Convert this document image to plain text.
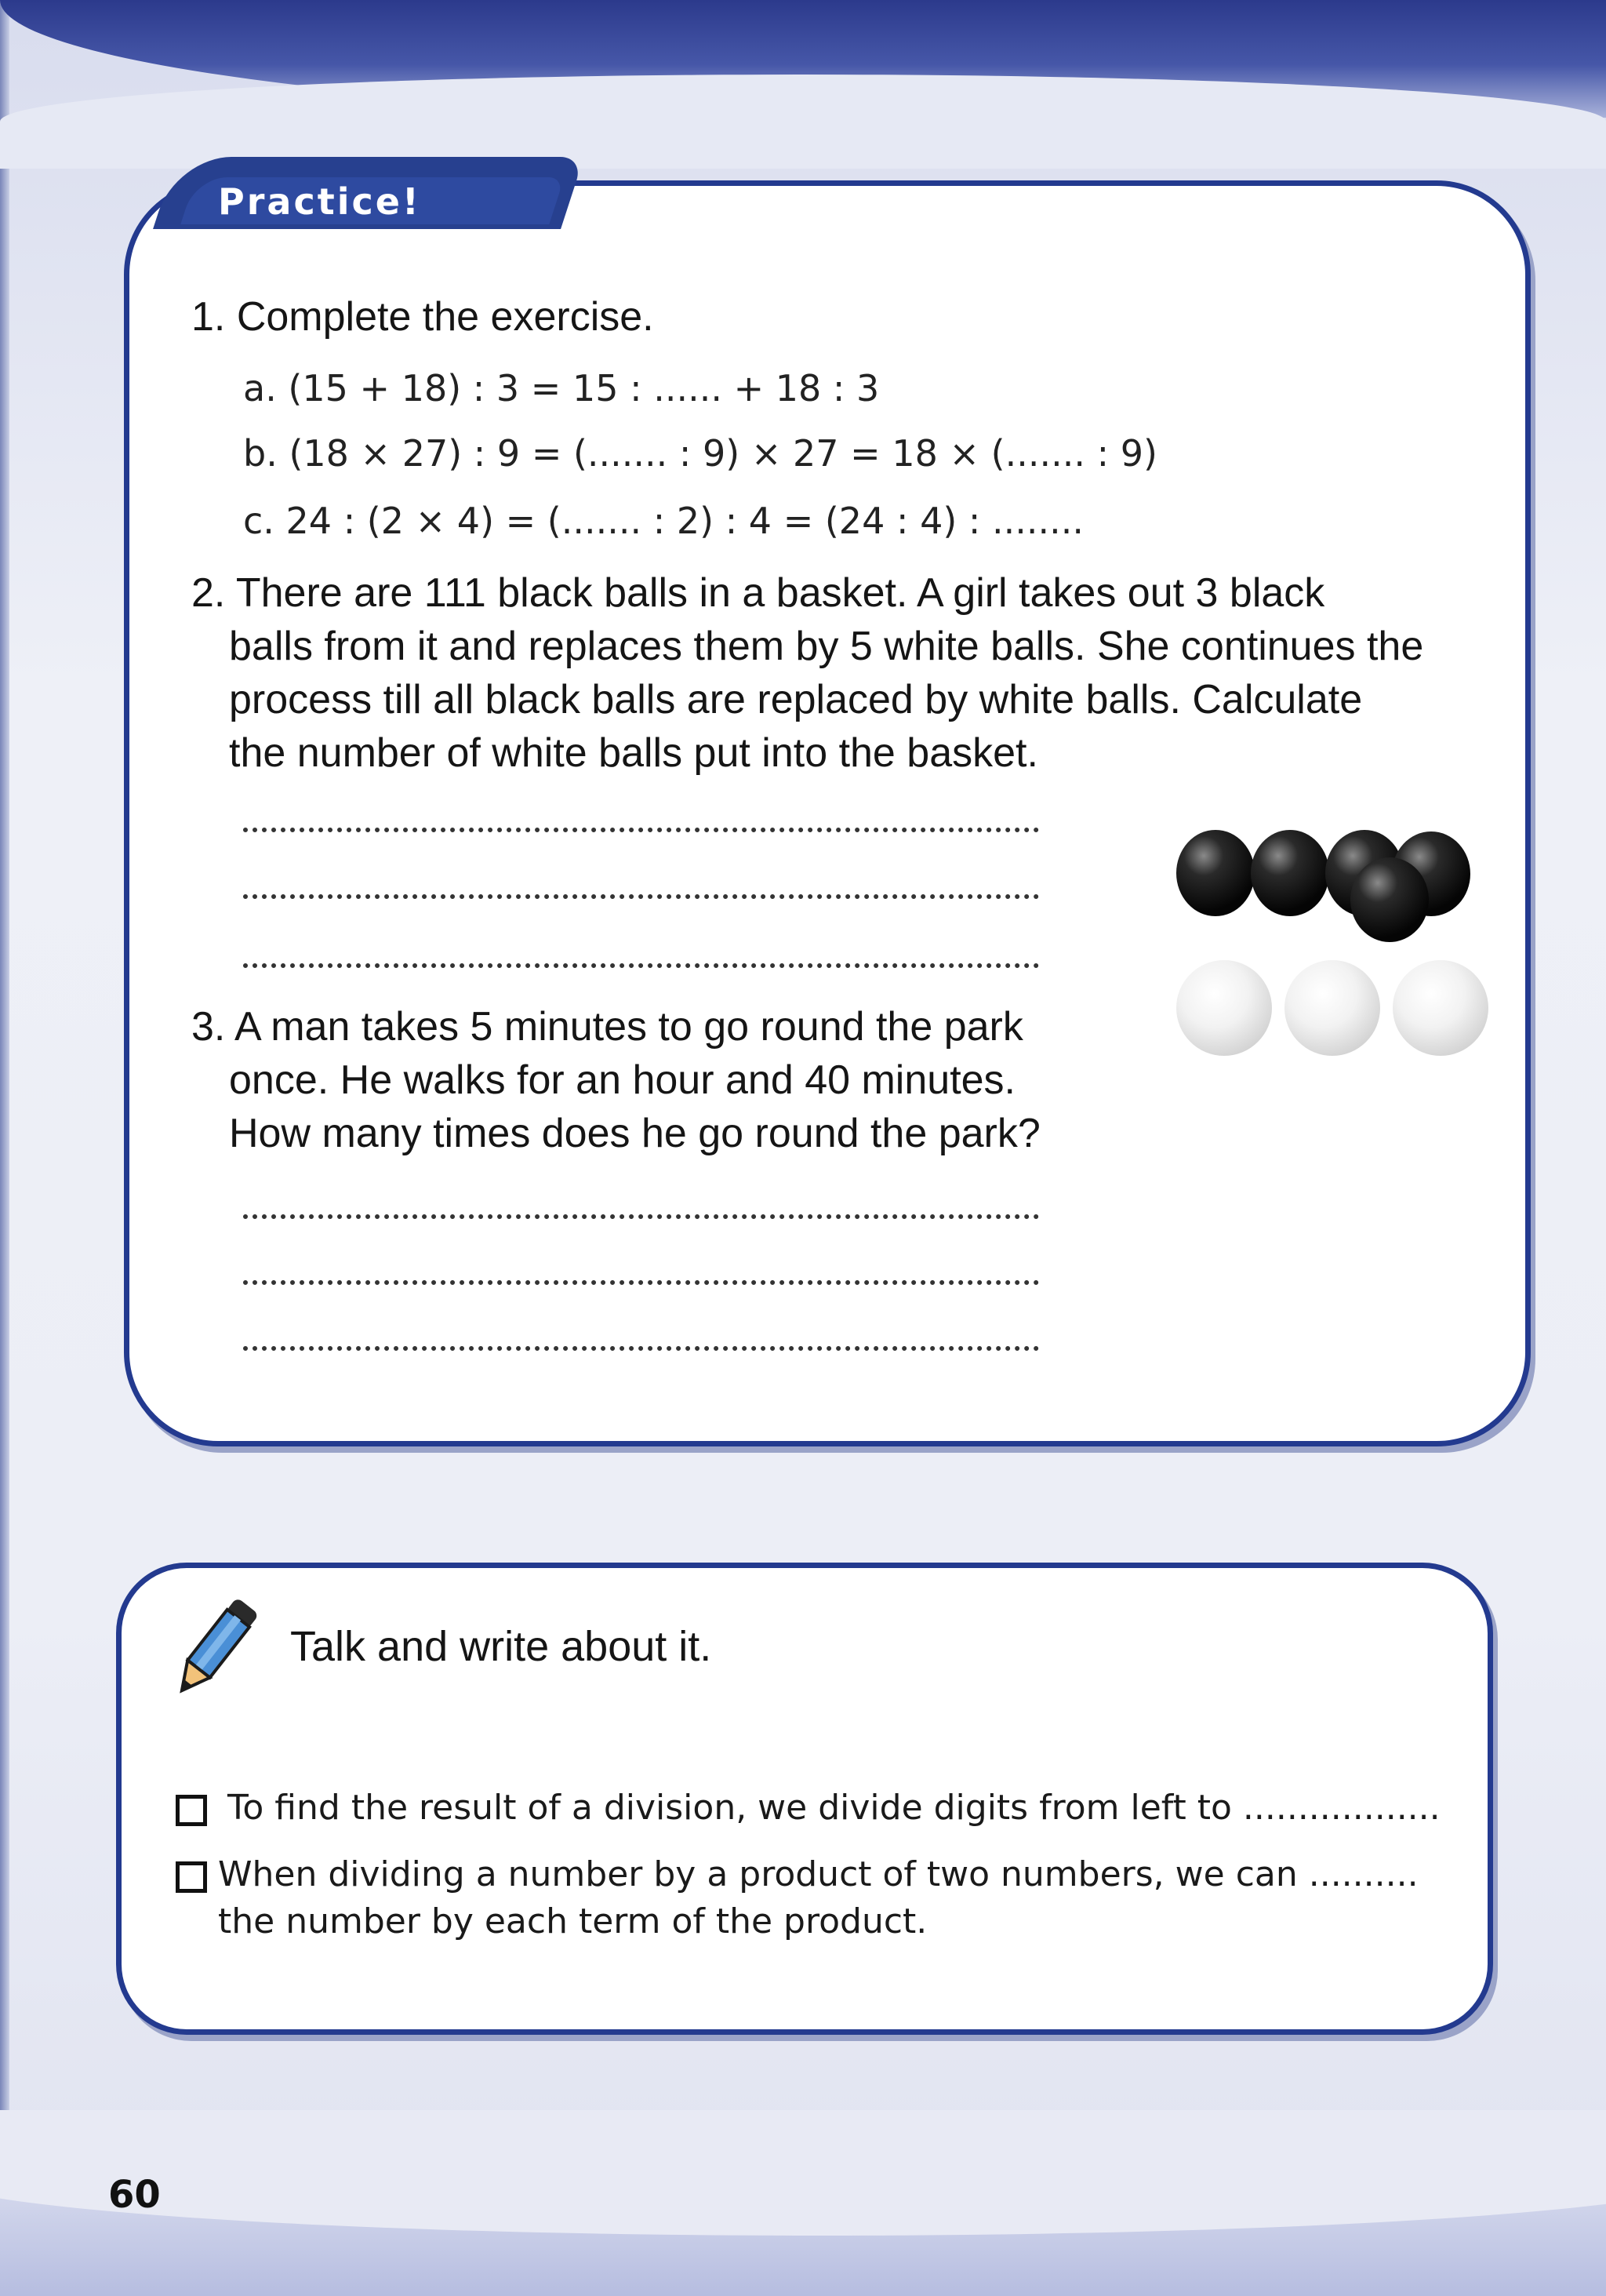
Practice!
1. Complete the exercise.
a. (15 + 18) : 3 = 15 : ...... + 18 : 3
b. (18 × 27) : 9 = (....... : 9) × 27 = 18 × (....... : 9)
c. 24 : (2 × 4) = (....... : 2) : 4 = (24 : 4) : ........
2. There are 111 black balls in a basket. A girl takes out 3 black
balls from it and replaces them by 5 white balls. She continues the
process till all black balls are replaced by white balls. Calculate
the number of white balls put into the basket.
3. A man takes 5 minutes to go round the park
once. He walks for an hour and 40 minutes.
How many times does he go round the park?
Talk and write about it.
To find the result of a division, we divide digits from left to ..................
When dividing a number by a product of two numbers, we can ..........
the number by each term of the product.
60
